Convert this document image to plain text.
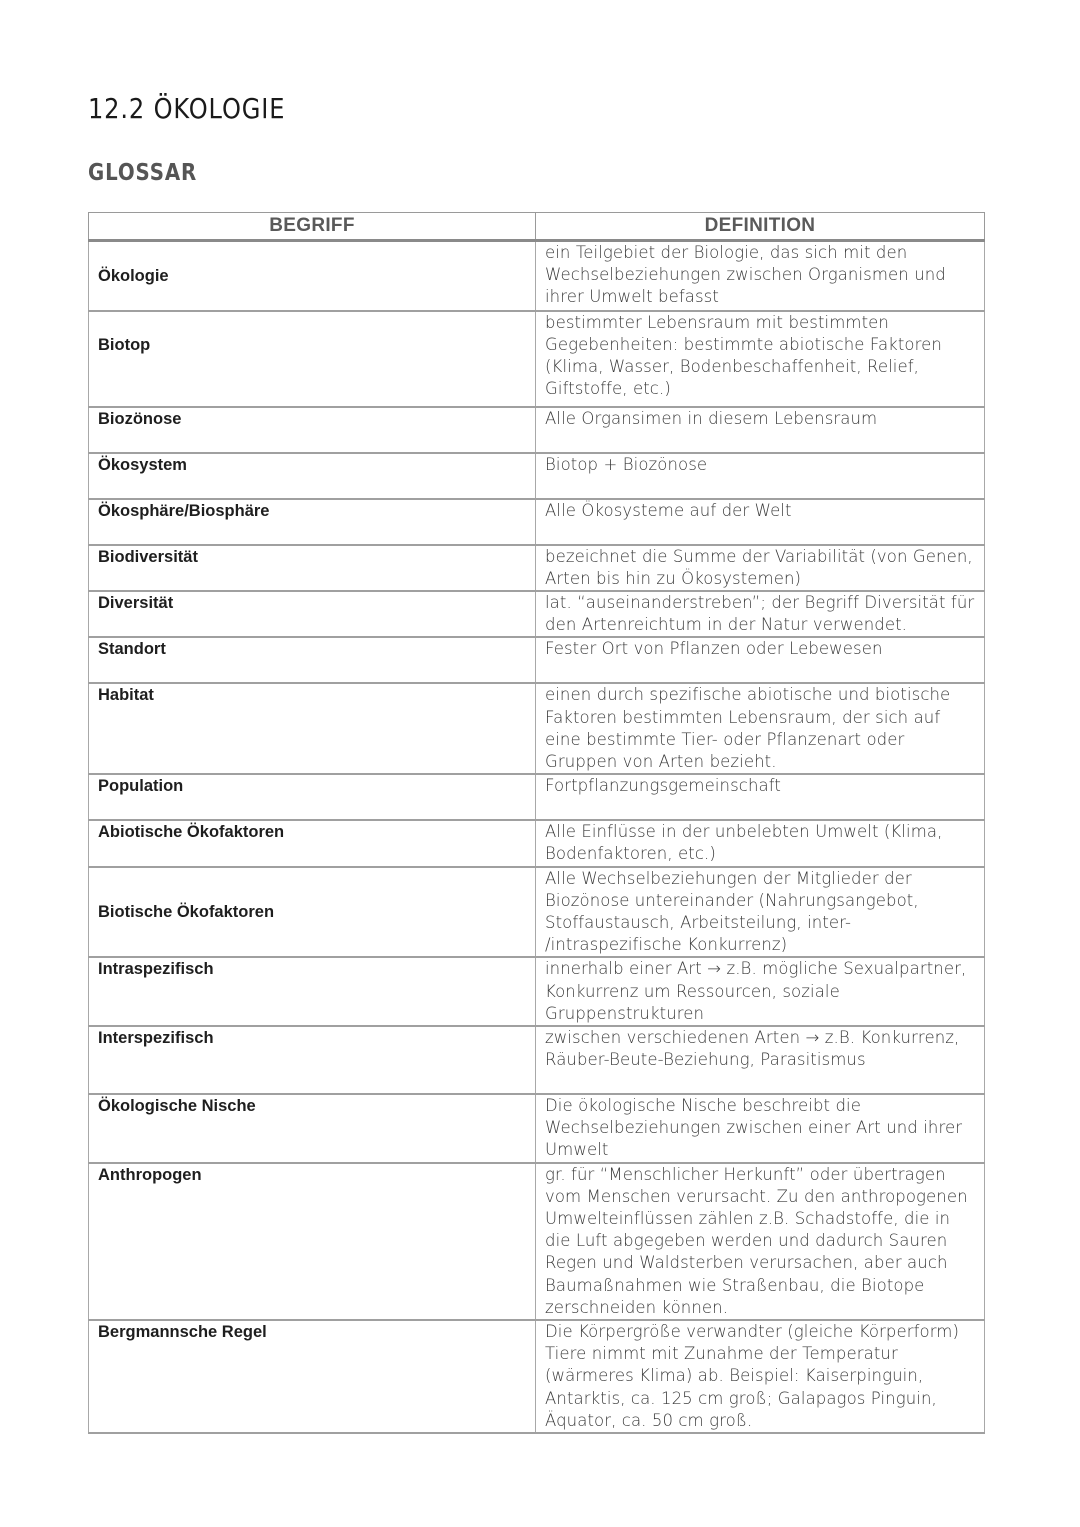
12.2 ÖKOLOGIE
GLOSSAR
BEGRIFF	DEFINITION
Ökologie	ein Teilgebiet der Biologie, das sich mit den Wechselbeziehungen zwischen Organismen und ihrer Umwelt befasst
Biotop	bestimmter Lebensraum mit bestimmten Gegebenheiten: bestimmte abiotische Faktoren (Klima, Wasser, Bodenbeschaffenheit, Relief, Giftstoffe, etc.)
Biozönose	Alle Organsimen in diesem Lebensraum
Ökosystem	Biotop + Biozönose
Ökosphäre/Biosphäre	Alle Ökosysteme auf der Welt
Biodiversität	bezeichnet die Summe der Variabilität (von Genen, Arten bis hin zu Ökosystemen)
Diversität	lat. “auseinanderstreben”; der Begriff Diversität für den Artenreichtum in der Natur verwendet.
Standort	Fester Ort von Pflanzen oder Lebewesen
Habitat	einen durch spezifische abiotische und biotische Faktoren bestimmten Lebensraum, der sich auf eine bestimmte Tier- oder Pflanzenart oder Gruppen von Arten bezieht.
Population	Fortpflanzungsgemeinschaft
Abiotische Ökofaktoren	Alle Einflüsse in der unbelebten Umwelt (Klima, Bodenfaktoren, etc.)
Biotische Ökofaktoren	Alle Wechselbeziehungen der Mitglieder der Biozönose untereinander (Nahrungsangebot, Stoffaustausch, Arbeitsteilung, inter- /intraspezifische Konkurrenz)
Intraspezifisch	innerhalb einer Art → z.B. mögliche Sexualpartner, Konkurrenz um Ressourcen, soziale Gruppenstrukturen
Interspezifisch	zwischen verschiedenen Arten → z.B. Konkurrenz, Räuber-Beute-Beziehung, Parasitismus
Ökologische Nische	Die ökologische Nische beschreibt die Wechselbeziehungen zwischen einer Art und ihrer Umwelt
Anthropogen	gr. für “Menschlicher Herkunft” oder übertragen vom Menschen verursacht. Zu den anthropogenen Umwelteinflüssen zählen z.B. Schadstoffe, die in die Luft abgegeben werden und dadurch Sauren Regen und Waldsterben verursachen, aber auch Baumaßnahmen wie Straßenbau, die Biotope zerschneiden können.
Bergmannsche Regel	Die Körpergröße verwandter (gleiche Körperform) Tiere nimmt mit Zunahme der Temperatur (wärmeres Klima) ab. Beispiel: Kaiserpinguin, Antarktis, ca. 125 cm groß; Galapagos Pinguin, Äquator, ca. 50 cm groß.
